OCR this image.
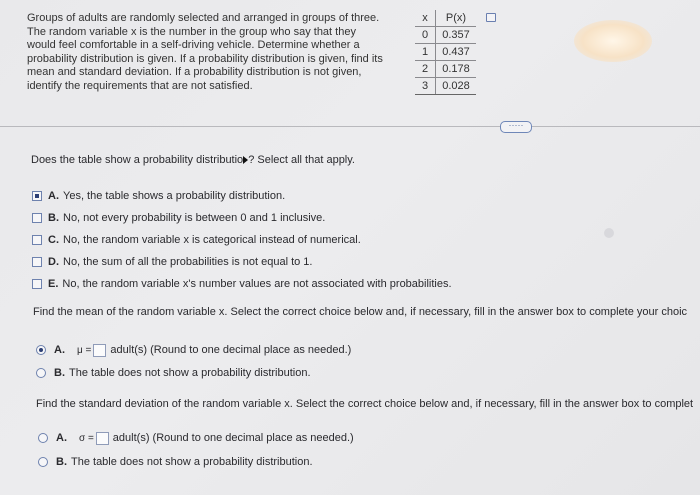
Groups of adults are randomly selected and arranged in groups of three.
The random variable x is the number in the group who say that they
would feel comfortable in a self-driving vehicle. Determine whether a
probability distribution is given. If a probability distribution is given, find its
mean and standard deviation. If a probability distribution is not given,
identify the requirements that are not satisfied.
x	P(x)
0	0.357
1	0.437
2	0.178
3	0.028
·····
Does the table show a probability distributio ? Select all that apply.
A. Yes, the table shows a probability distribution.
B. No, not every probability is between 0 and 1 inclusive.
C. No, the random variable x is categorical instead of numerical.
D. No, the sum of all the probabilities is not equal to 1.
E. No, the random variable x's number values are not associated with probabilities.
Find the mean of the random variable x. Select the correct choice below and, if necessary, fill in the answer box to complete your choic
A. μ = adult(s) (Round to one decimal place as needed.)
B. The table does not show a probability distribution.
Find the standard deviation of the random variable x. Select the correct choice below and, if necessary, fill in the answer box to complet
A. σ = adult(s) (Round to one decimal place as needed.)
B. The table does not show a probability distribution.
